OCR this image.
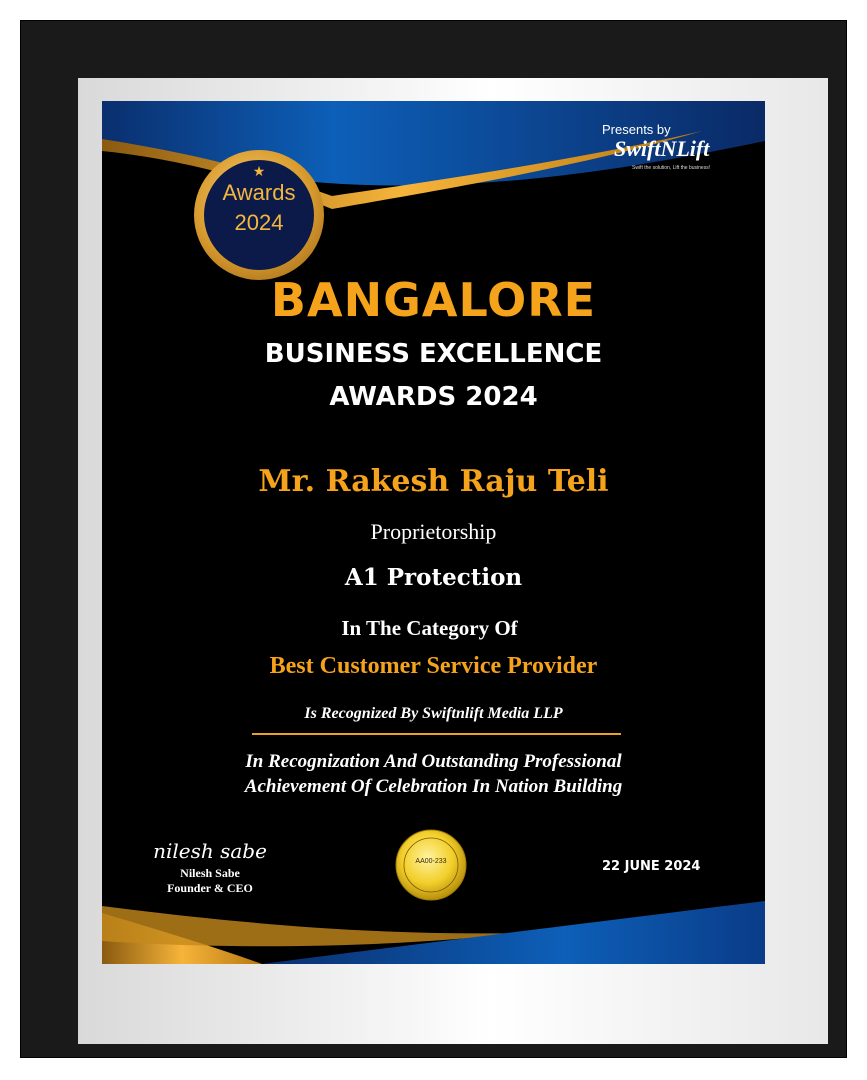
Presents by
SwiftNLift
Swift the solution, Lift the business!
★
Awards
2024
BANGALORE
BUSINESS EXCELLENCE
AWARDS 2024
Mr. Rakesh Raju Teli
Proprietorship
A1 Protection
In The Category Of
Best Customer Service Provider
Is Recognized By Swiftnlift Media LLP
In Recognization And Outstanding Professional
Achievement Of Celebration In Nation Building
nilesh sabe
Nilesh Sabe
Founder & CEO
AA00-233	22 JUNE 2024
